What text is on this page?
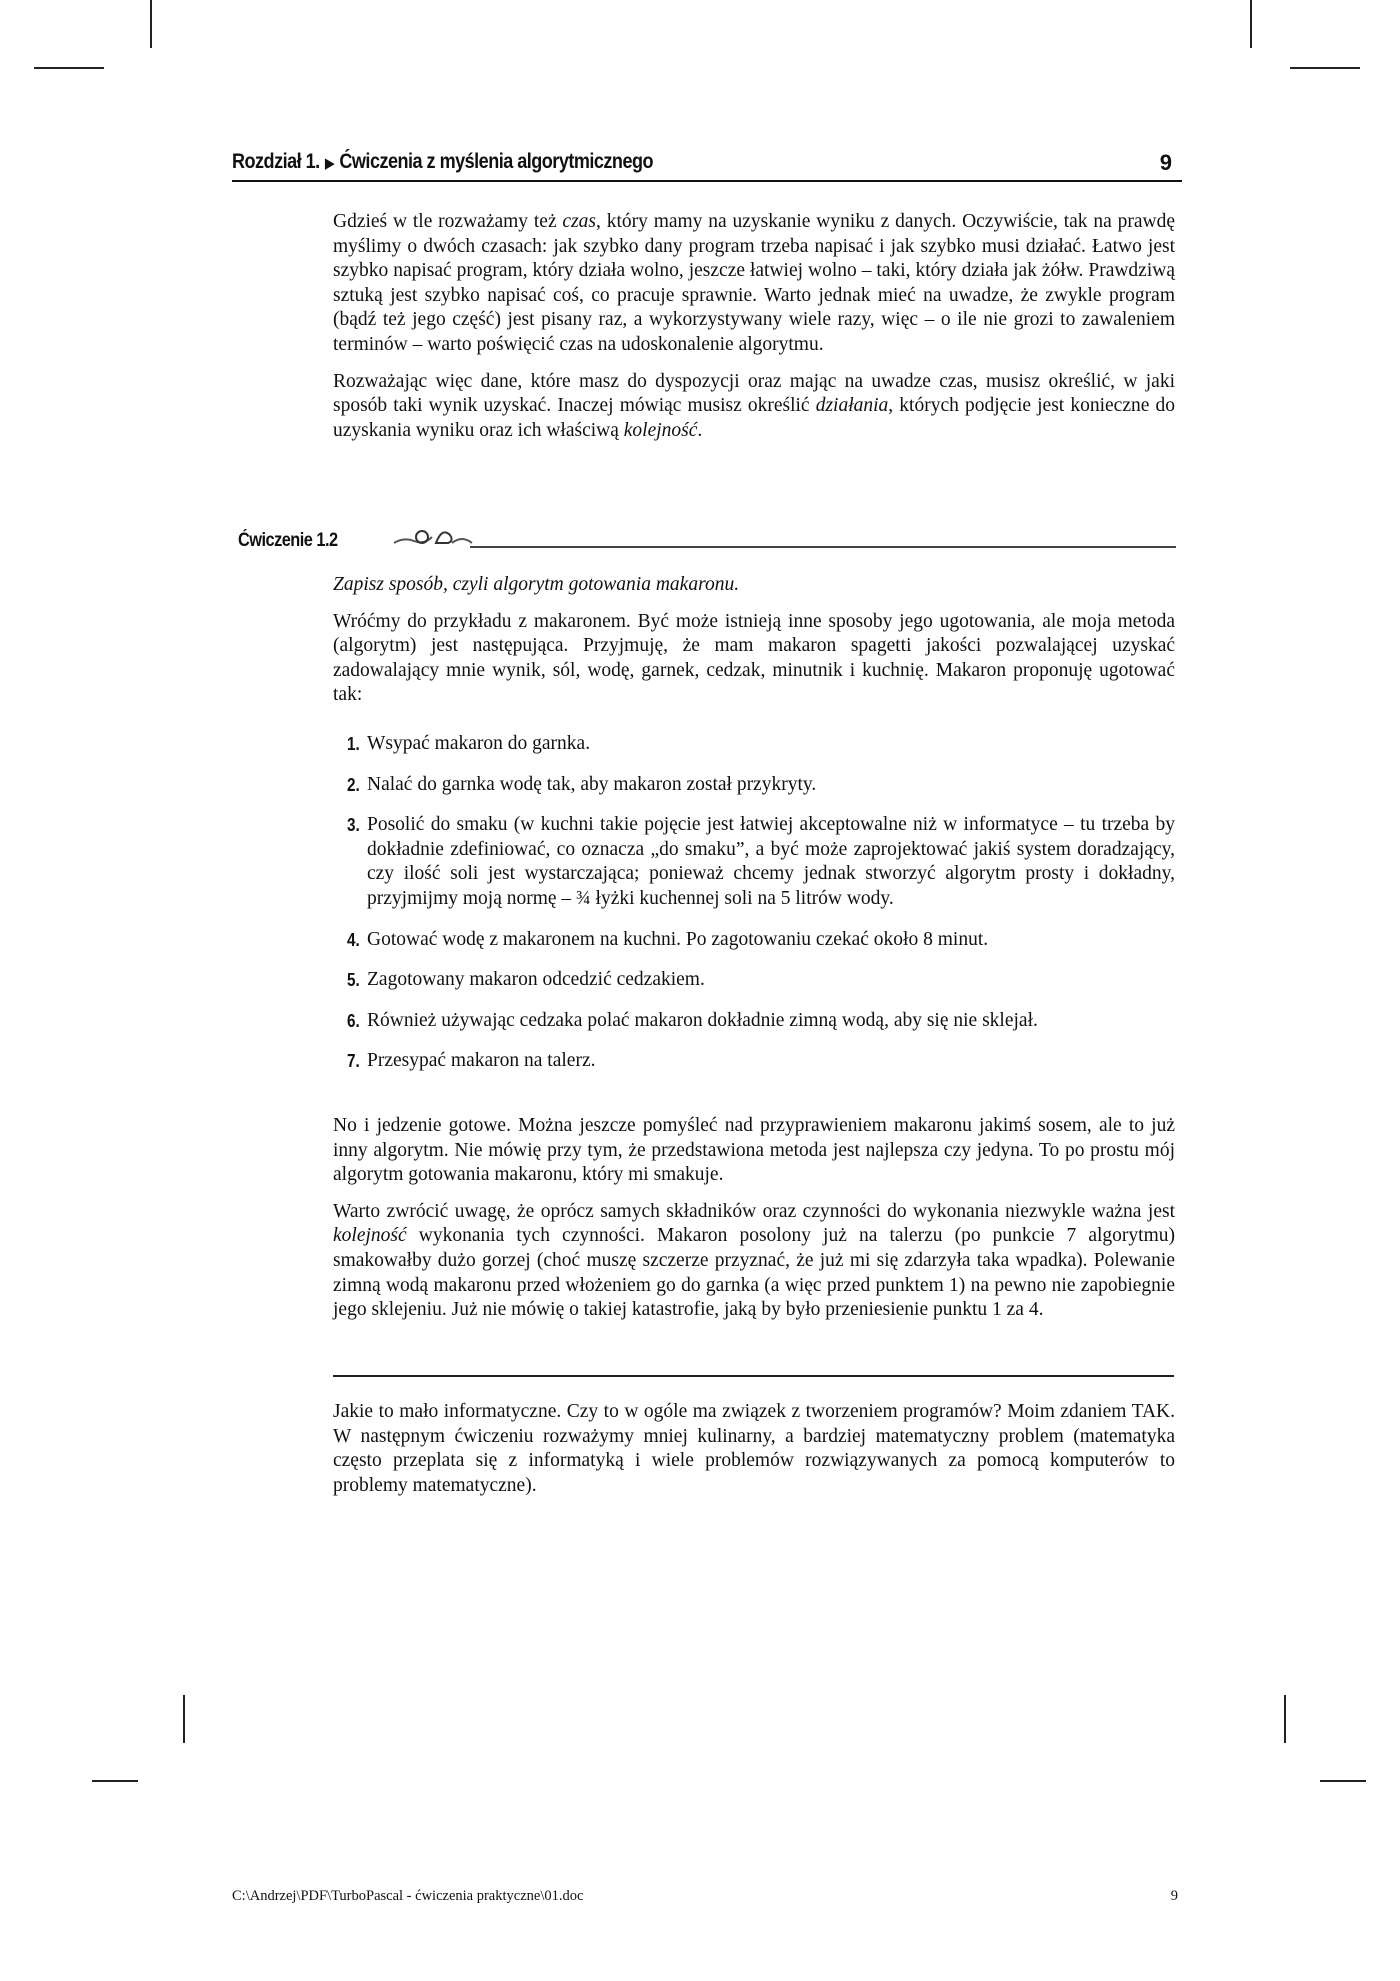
Rozdział 1. ▶ Ćwiczenia z myślenia algorytmicznego	9

Gdzieś w tle rozważamy też czas, który mamy na uzyskanie wyniku z danych. Oczywiście, tak na prawdę myślimy o dwóch czasach: jak szybko dany program trzeba napisać i jak szybko musi działać. Łatwo jest szybko napisać program, który działa wolno, jeszcze łatwiej wolno – taki, który działa jak żółw. Prawdziwą sztuką jest szybko napisać coś, co pracuje sprawnie. Warto jednak mieć na uwadze, że zwykle program (bądź też jego część) jest pisany raz, a wykorzystywany wiele razy, więc – o ile nie grozi to zawaleniem terminów – warto poświęcić czas na udoskonalenie algorytmu.

Rozważając więc dane, które masz do dyspozycji oraz mając na uwadze czas, musisz określić, w jaki sposób taki wynik uzyskać. Inaczej mówiąc musisz określić działania, których podjęcie jest konieczne do uzyskania wyniku oraz ich właściwą kolejność.

Ćwiczenie 1.2

Zapisz sposób, czyli algorytm gotowania makaronu.

Wróćmy do przykładu z makaronem. Być może istnieją inne sposoby jego ugotowania, ale moja metoda (algorytm) jest następująca. Przyjmuję, że mam makaron spagetti jakości pozwalającej uzyskać zadowalający mnie wynik, sól, wodę, garnek, cedzak, minutnik i kuchnię. Makaron proponuję ugotować tak:

1. Wsypać makaron do garnka.
2. Nalać do garnka wodę tak, aby makaron został przykryty.
3. Posolić do smaku (w kuchni takie pojęcie jest łatwiej akceptowalne niż w informatyce – tu trzeba by dokładnie zdefiniować, co oznacza „do smaku”, a być może zaprojektować jakiś system doradzający, czy ilość soli jest wystarczająca; ponieważ chcemy jednak stworzyć algorytm prosty i dokładny, przyjmijmy moją normę – ¾ łyżki kuchennej soli na 5 litrów wody.
4. Gotować wodę z makaronem na kuchni. Po zagotowaniu czekać około 8 minut.
5. Zagotowany makaron odcedzić cedzakiem.
6. Również używając cedzaka polać makaron dokładnie zimną wodą, aby się nie sklejał.
7. Przesypać makaron na talerz.

No i jedzenie gotowe. Można jeszcze pomyśleć nad przyprawieniem makaronu jakimś sosem, ale to już inny algorytm. Nie mówię przy tym, że przedstawiona metoda jest najlepsza czy jedyna. To po prostu mój algorytm gotowania makaronu, który mi smakuje.

Warto zwrócić uwagę, że oprócz samych składników oraz czynności do wykonania niezwykle ważna jest kolejność wykonania tych czynności. Makaron posolony już na talerzu (po punkcie 7 algorytmu) smakowałby dużo gorzej (choć muszę szczerze przyznać, że już mi się zdarzyła taka wpadka). Polewanie zimną wodą makaronu przed włożeniem go do garnka (a więc przed punktem 1) na pewno nie zapobiegnie jego sklejeniu. Już nie mówię o takiej katastrofie, jaką by było przeniesienie punktu 1 za 4.

Jakie to mało informatyczne. Czy to w ogóle ma związek z tworzeniem programów? Moim zdaniem TAK. W następnym ćwiczeniu rozważymy mniej kulinarny, a bardziej matematyczny problem (matematyka często przeplata się z informatyką i wiele problemów rozwiązywanych za pomocą komputerów to problemy matematyczne).

C:\Andrzej\PDF\TurboPascal - ćwiczenia praktyczne\01.doc	9
